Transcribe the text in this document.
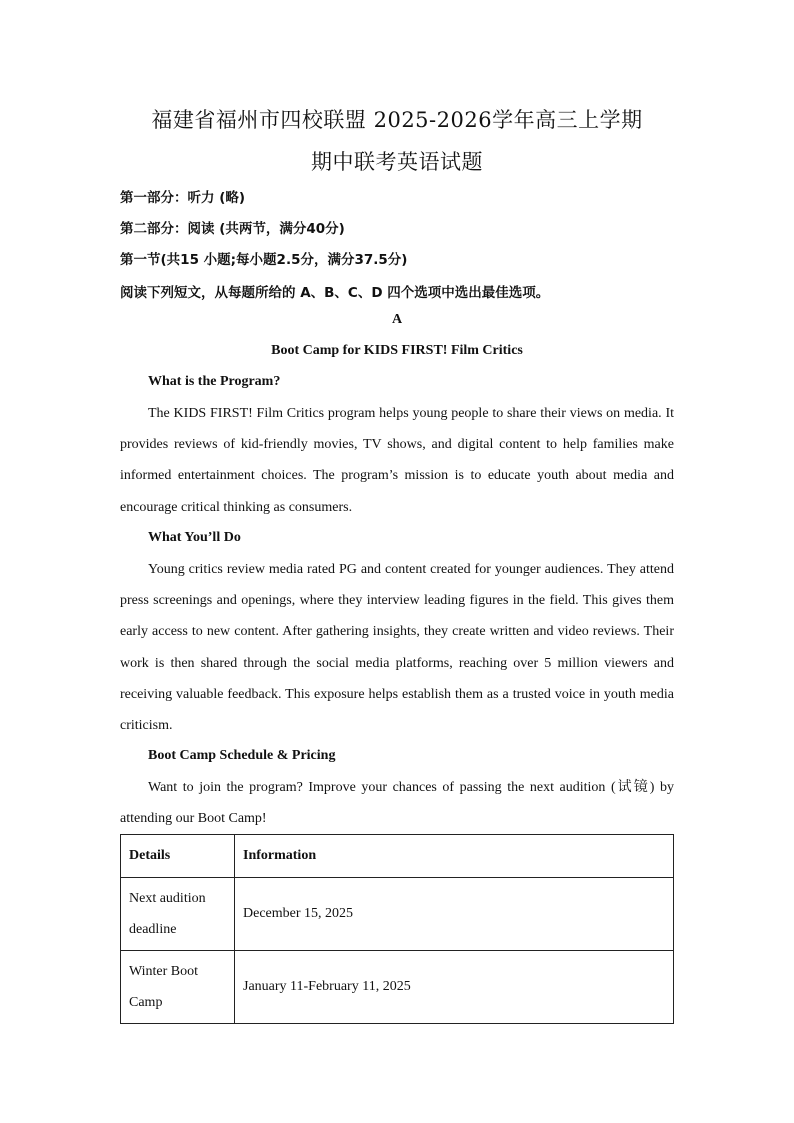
福建省福州市四校联盟 2025-2026学年高三上学期
期中联考英语试题
第一部分：听力 (略)
第二部分：阅读 (共两节，满分40分)
第一节(共15 小题;每小题2.5分，满分37.5分)
阅读下列短文，从每题所给的 A、B、C、D 四个选项中选出最佳选项。
A
Boot Camp for KIDS FIRST! Film Critics
What is the Program?

The KIDS FIRST! Film Critics program helps young people to share their views on media. It provides reviews of kid-friendly movies, TV shows, and digital content to help families make informed entertainment choices. The program’s mission is to educate youth about media and encourage critical thinking as consumers.

What You’ll Do

Young critics review media rated PG and content created for younger audiences. They attend press screenings and openings, where they interview leading figures in the field. This gives them early access to new content. After gathering insights, they create written and video reviews. Their work is then shared through the social media platforms, reaching over 5 million viewers and receiving valuable feedback. This exposure helps establish them as a trusted voice in youth media criticism.

Boot Camp Schedule & Pricing

Want to join the program? Improve your chances of passing the next audition (试镜) by attending our Boot Camp!

Details	Information
Next audition deadline	December 15, 2025
Winter Boot Camp	January 11-February 11, 2025
